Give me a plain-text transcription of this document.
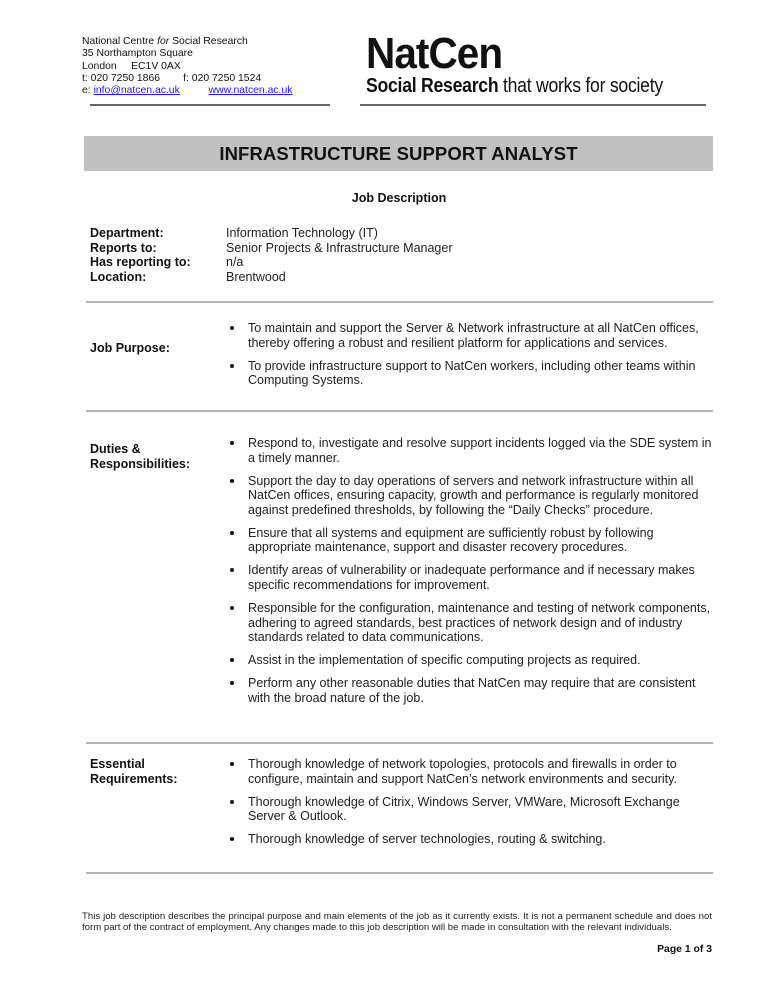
National Centre for Social Research
35 Northampton Square
London     EC1V 0AX
t: 020 7250 1866 f: 020 7250 1524
e: info@natcen.ac.uk	www.natcen.ac.uk
NatCen
Social Research that works for society
INFRASTRUCTURE SUPPORT ANALYST
Job Description
Department:	Information Technology (IT)
Reports to:	Senior Projects & Infrastructure Manager
Has reporting to:	n/a
Location:	Brentwood
Job Purpose:
To maintain and support the Server & Network infrastructure at all NatCen offices, thereby offering a robust and resilient platform for applications and services.
To provide infrastructure support to NatCen workers, including other teams within Computing Systems.
Duties &
Responsibilities:
Respond to, investigate and resolve support incidents logged via the SDE system in a timely manner.
Support the day to day operations of servers and network infrastructure within all NatCen offices, ensuring capacity, growth and performance is regularly monitored against predefined thresholds, by following the “Daily Checks” procedure.
Ensure that all systems and equipment are sufficiently robust by following appropriate maintenance, support and disaster recovery procedures.
Identify areas of vulnerability or inadequate performance and if necessary makes specific recommendations for improvement.
Responsible for the configuration, maintenance and testing of network components, adhering to agreed standards, best practices of network design and of industry standards related to data communications.
Assist in the implementation of specific computing projects as required.
Perform any other reasonable duties that NatCen may require that are consistent with the broad nature of the job.
Essential
Requirements:
Thorough knowledge of network topologies, protocols and firewalls in order to configure, maintain and support NatCen’s network environments and security.
Thorough knowledge of Citrix, Windows Server, VMWare, Microsoft Exchange Server & Outlook.
Thorough knowledge of server technologies, routing & switching.
This job description describes the principal purpose and main elements of the job as it currently exists. It is not a permanent schedule and does not form part of the contract of employment. Any changes made to this job description will be made in consultation with the relevant individuals.
Page 1 of 3
